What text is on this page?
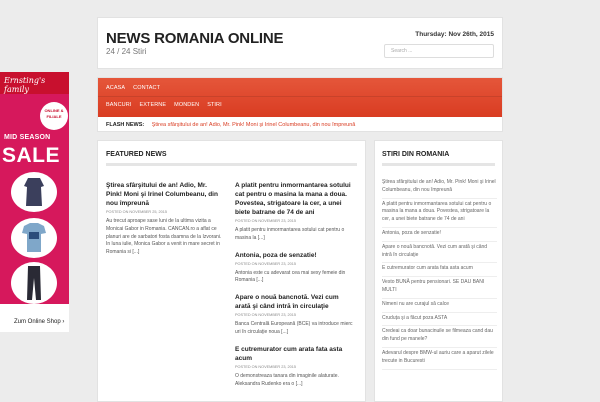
Ernsting's family
ONLINE & FILIALE
MID SEASON
SALE
Zum Online Shop ›
NEWS ROMANIA ONLINE
24 / 24 Stiri
Thursday: Nov 26th, 2015
Search ...
ACASA CONTACT
BANCURI EXTERNE MONDEN STIRI
FLASH NEWS: Ştirea sfârşitului de an! Adio, Mr. Pink! Moni şi Irinel Columbeanu, din nou împreună
FEATURED NEWS
Ştirea sfârşitului de an! Adio, Mr. Pink! Moni şi Irinel Columbeanu, din nou împreună
POSTED ON NOVEMBER 25, 2015

Au trecut aproape sase luni de la ultima vizita a Monicai Gabor in Romania. CANCAN.ro a aflat ce planuri are de sarbatori fosta dsamna de la Izvorani. In luna iulie, Monica Gabor a venit in mare secret in Romania si [...]

A platit pentru inmormantarea sotului cat pentru o masina la mana a doua. Povestea, strigatoare la cer, a unei biete batrane de 74 de ani
POSTED ON NOVEMBER 23, 2015

A platit pentru inmormantarea sotului cat pentru o masina la [...]

Antonia, poza de senzatie!
POSTED ON NOVEMBER 23, 2015

Antonia este cu adevarat cea mai sexy femeie din Romania [...]

Apare o nouă bancnotă. Vezi cum arată şi când intră în circulaţie
POSTED ON NOVEMBER 23, 2015

Banca Centrală Europeană (BCE) va introduce mierc uri în circulaţie noua [...]

E cutremurator cum arata fata asta acum
POSTED ON NOVEMBER 23, 2015

O demonstreaza tanara din imaginile alaturate. Aleksandra Rudenko era o [...]

STIRI DIN ROMANIA
Ştirea sfârşitului de an! Adio, Mr. Pink! Moni şi Irinel Columbeanu, din nou împreună
A platit pentru inmormantarea sotului cat pentru o masina la mana a doua. Povestea, strigatoare la cer, a unei biete batrane de 74 de ani
Antonia, poza de senzatie!
Apare o nouă bancnotă. Vezi cum arată şi când intră în circulaţie
E cutremurator cum arata fata asta acum
Vesto BUNĂ pentru pensionari. SE DAU BANI MULTI
Nimeni nu are curajul să calce
Cruduța şi a făcut poza ASTA
Credeai ca doar bunacinuile se filmeaza cand dau din fund pe manele?
Adevarul despre BMW-ul auriu care a aparut zilele trecute in Bucuresti
